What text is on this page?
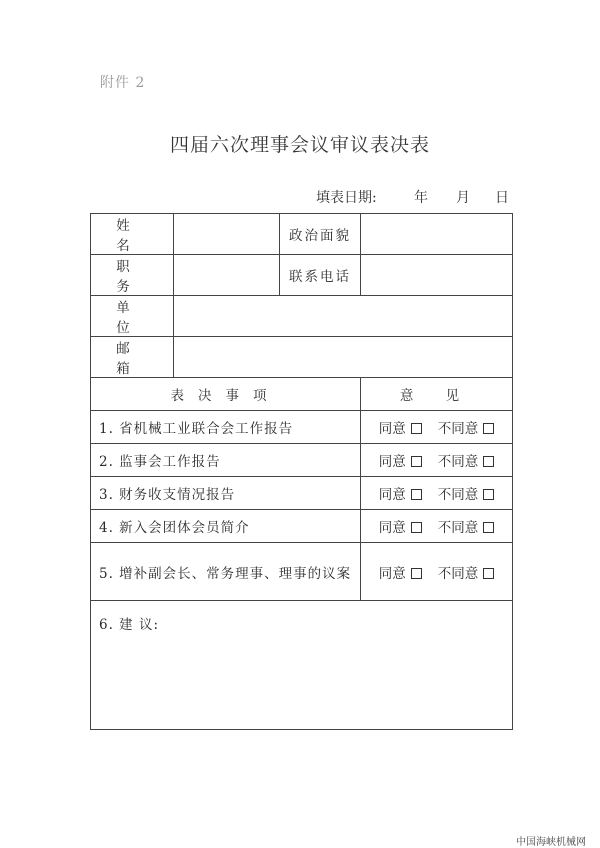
附件 2
四届六次理事会议审议表决表
填表日期:	年 月 日
姓 名		政治面貌	
职 务		联系电话	
单 位			
邮 箱			
表决事项			意 见
1. 省机械工业联合会工作报告			同意 不同意
2. 监事会工作报告			同意 不同意
3. 财务收支情况报告			同意 不同意
4. 新入会团体会员简介			同意 不同意
5. 增补副会长、常务理事、理事的议案			同意 不同意
6. 建 议:			
中国海峡机械网
